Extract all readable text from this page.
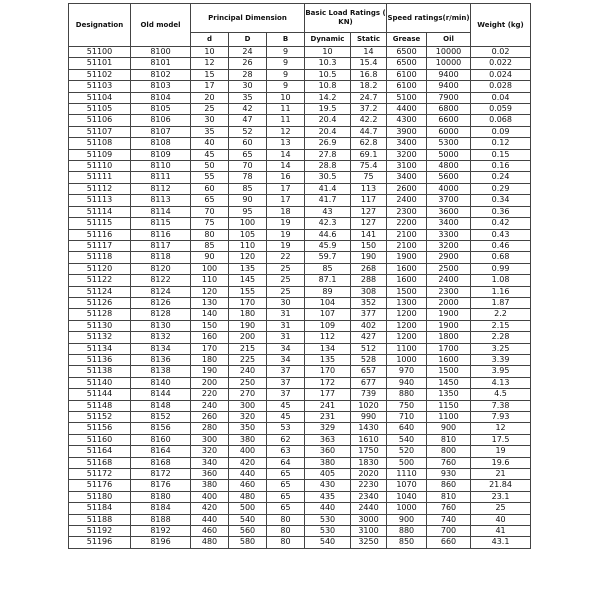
Designation	Old model	Principal Dimension			Basic Load Ratings ( KN)		Speed ratings(r/min)		Weight (kg)
		d	D	B	Dynamic	Static	Grease	Oil	
51100	8100	10	24	9	10	14	6500	10000	0.02
51101	8101	12	26	9	10.3	15.4	6500	10000	0.022
51102	8102	15	28	9	10.5	16.8	6100	9400	0.024
51103	8103	17	30	9	10.8	18.2	6100	9400	0.028
51104	8104	20	35	10	14.2	24.7	5100	7900	0.04
51105	8105	25	42	11	19.5	37.2	4400	6800	0.059
51106	8106	30	47	11	20.4	42.2	4300	6600	0.068
51107	8107	35	52	12	20.4	44.7	3900	6000	0.09
51108	8108	40	60	13	26.9	62.8	3400	5300	0.12
51109	8109	45	65	14	27.8	69.1	3200	5000	0.15
51110	8110	50	70	14	28.8	75.4	3100	4800	0.16
51111	8111	55	78	16	30.5	75	3400	5600	0.24
51112	8112	60	85	17	41.4	113	2600	4000	0.29
51113	8113	65	90	17	41.7	117	2400	3700	0.34
51114	8114	70	95	18	43	127	2300	3600	0.36
51115	8115	75	100	19	42.3	127	2200	3400	0.42
51116	8116	80	105	19	44.6	141	2100	3300	0.43
51117	8117	85	110	19	45.9	150	2100	3200	0.46
51118	8118	90	120	22	59.7	190	1900	2900	0.68
51120	8120	100	135	25	85	268	1600	2500	0.99
51122	8122	110	145	25	87.1	288	1600	2400	1.08
51124	8124	120	155	25	89	308	1500	2300	1.16
51126	8126	130	170	30	104	352	1300	2000	1.87
51128	8128	140	180	31	107	377	1200	1900	2.2
51130	8130	150	190	31	109	402	1200	1900	2.15
51132	8132	160	200	31	112	427	1200	1800	2.28
51134	8134	170	215	34	134	512	1100	1700	3.25
51136	8136	180	225	34	135	528	1000	1600	3.39
51138	8138	190	240	37	170	657	970	1500	3.95
51140	8140	200	250	37	172	677	940	1450	4.13
51144	8144	220	270	37	177	739	880	1350	4.5
51148	8148	240	300	45	241	1020	750	1150	7.38
51152	8152	260	320	45	231	990	710	1100	7.93
51156	8156	280	350	53	329	1430	640	900	12
51160	8160	300	380	62	363	1610	540	810	17.5
51164	8164	320	400	63	360	1750	520	800	19
51168	8168	340	420	64	380	1830	500	760	19.6
51172	8172	360	440	65	405	2020	1110	930	21
51176	8176	380	460	65	430	2230	1070	860	21.84
51180	8180	400	480	65	435	2340	1040	810	23.1
51184	8184	420	500	65	440	2440	1000	760	25
51188	8188	440	540	80	530	3000	900	740	40
51192	8192	460	560	80	530	3100	880	700	41
51196	8196	480	580	80	540	3250	850	660	43.1
